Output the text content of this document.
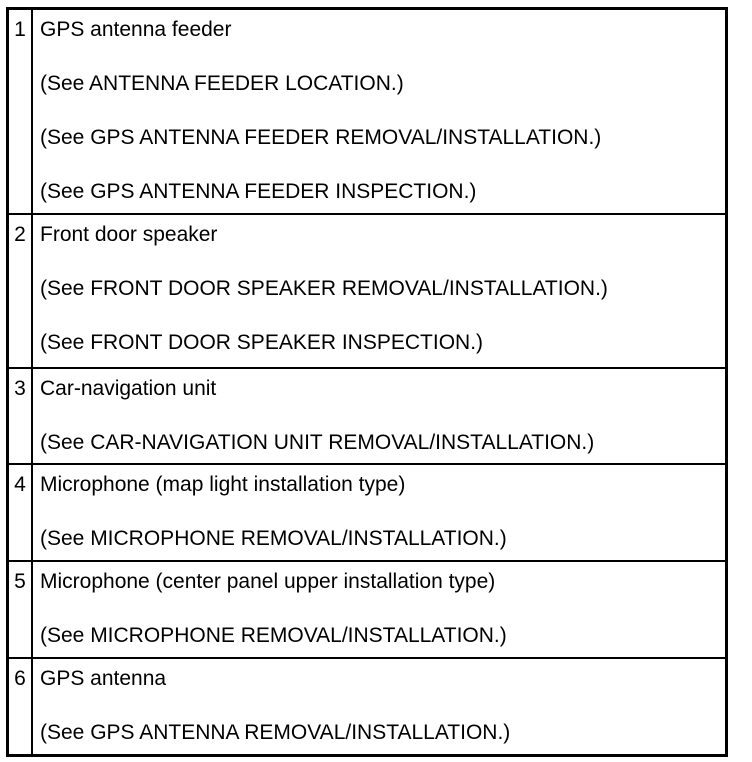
1	GPS antenna feeder
(See ANTENNA FEEDER LOCATION.)
(See GPS ANTENNA FEEDER REMOVAL/INSTALLATION.)
(See GPS ANTENNA FEEDER INSPECTION.)

2	Front door speaker
(See FRONT DOOR SPEAKER REMOVAL/INSTALLATION.)
(See FRONT DOOR SPEAKER INSPECTION.)

3	Car-navigation unit
(See CAR-NAVIGATION UNIT REMOVAL/INSTALLATION.)

4	Microphone (map light installation type)
(See MICROPHONE REMOVAL/INSTALLATION.)

5	Microphone (center panel upper installation type)
(See MICROPHONE REMOVAL/INSTALLATION.)

6	GPS antenna
(See GPS ANTENNA REMOVAL/INSTALLATION.)
